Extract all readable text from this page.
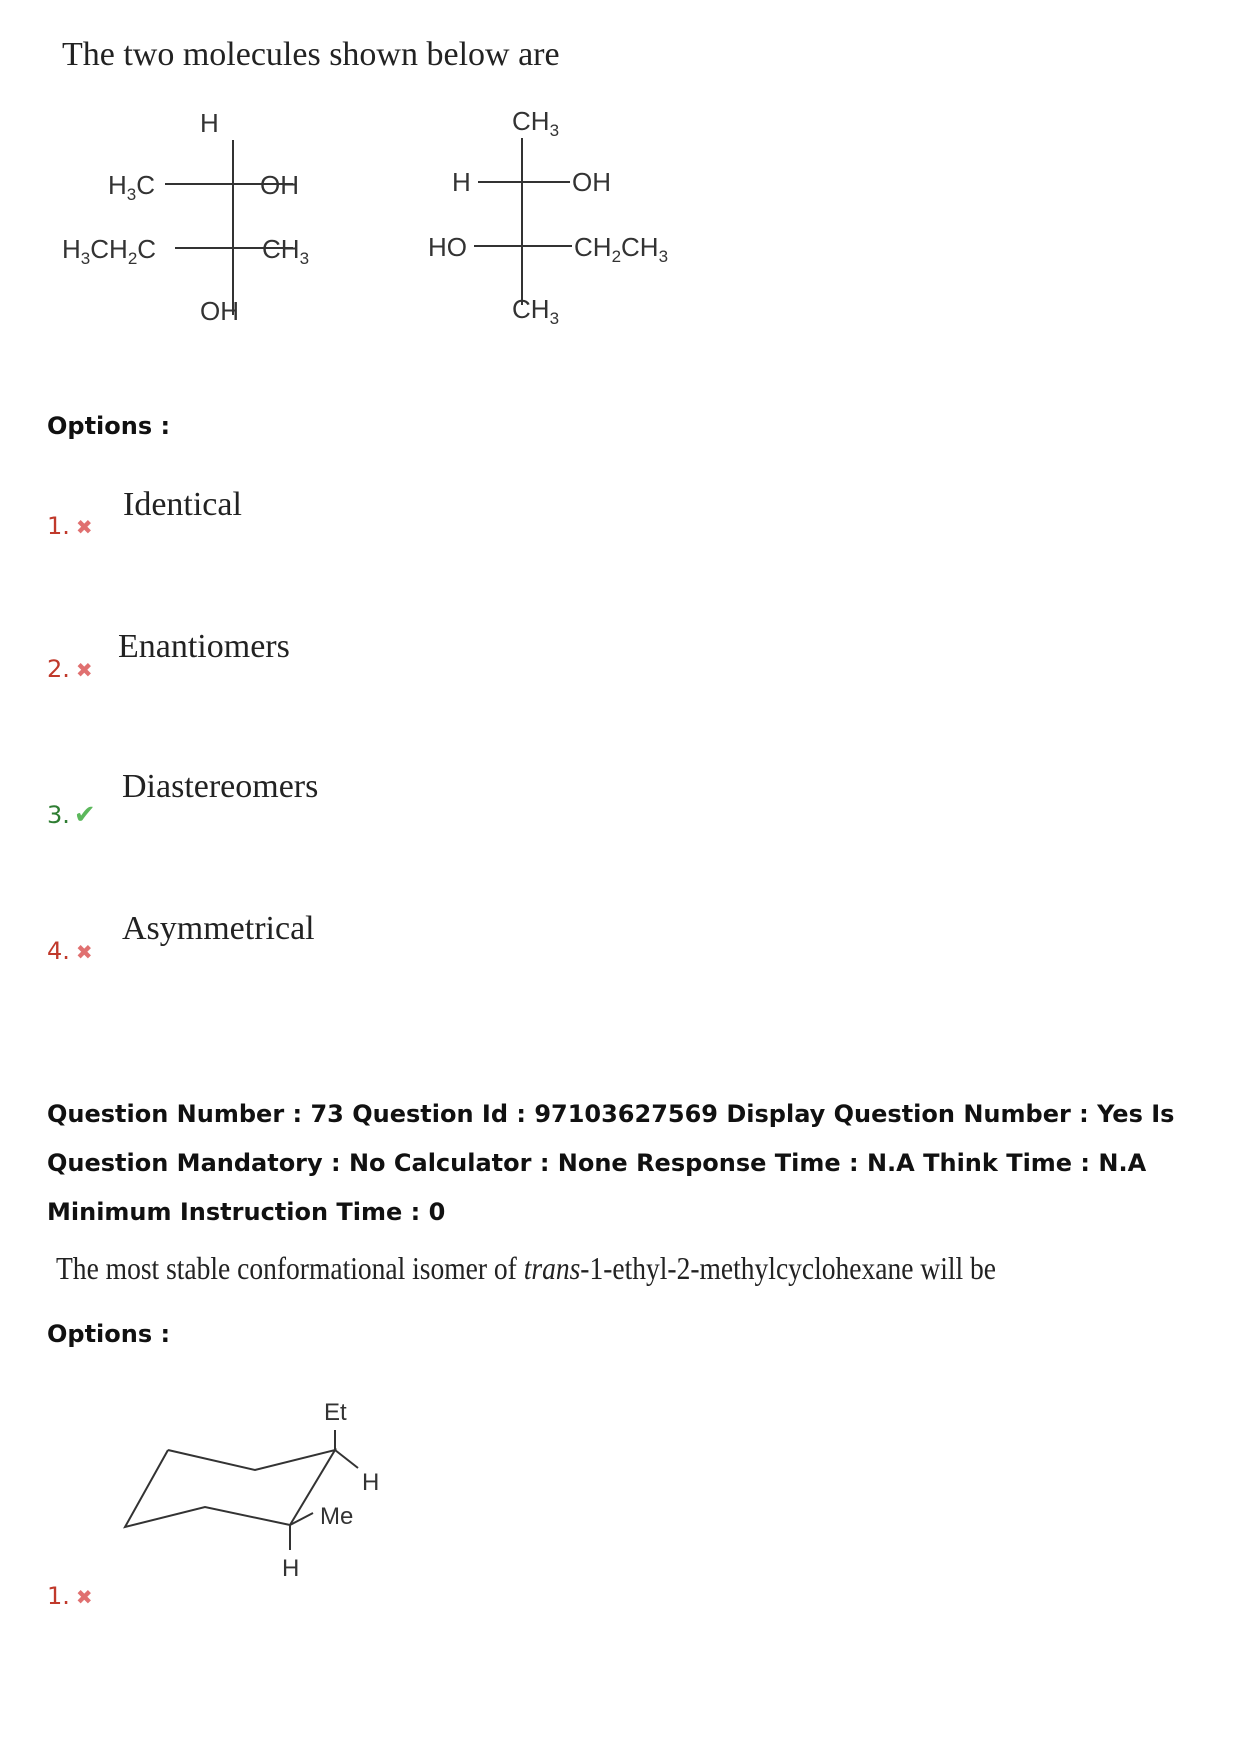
The two molecules shown below are
H
$H_3C$	OH
$H_3CH_2C$	$CH_3$
OH
$CH_3$
H	OH
HO	$CH_2CH_3$
$CH_3$
Options :
1. ✖
Identical
2. ✖
Enantiomers
3. ✔
Diastereomers
4. ✖
Asymmetrical
Question Number : 73 Question Id : 97103627569 Display Question Number : Yes Is Question Mandatory : No Calculator : None Response Time : N.A Think Time : N.A Minimum Instruction Time : 0
The most stable conformational isomer of trans-1-ethyl-2-methylcyclohexane will be
Options :
Et
H
Me
H
1. ✖
